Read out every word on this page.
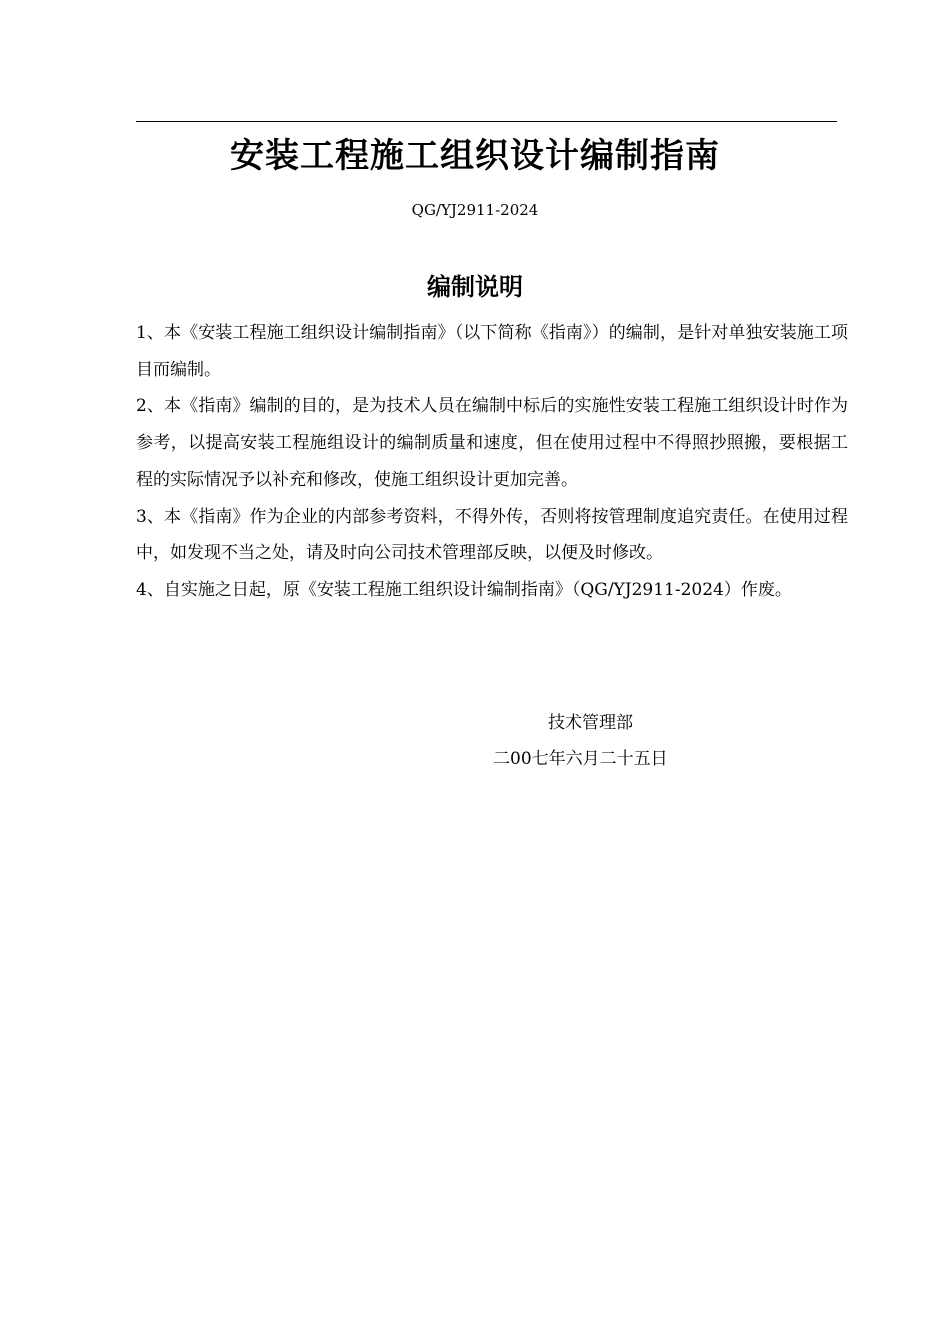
安装工程施工组织设计编制指南
QG/YJ2911-2024
编制说明

1、本《安装工程施工组织设计编制指南》（以下简称《指南》）的编制，是针对单独安装施工项目而编制。

2、本《指南》编制的目的，是为技术人员在编制中标后的实施性安装工程施工组织设计时作为参考，以提高安装工程施组设计的编制质量和速度，但在使用过程中不得照抄照搬，要根据工程的实际情况予以补充和修改，使施工组织设计更加完善。

3、本《指南》作为企业的内部参考资料，不得外传，否则将按管理制度追究责任。在使用过程中，如发现不当之处，请及时向公司技术管理部反映，以便及时修改。

4、自实施之日起，原《安装工程施工组织设计编制指南》（QG/YJ2911-2024）作废。

技术管理部
二00七年六月二十五日
